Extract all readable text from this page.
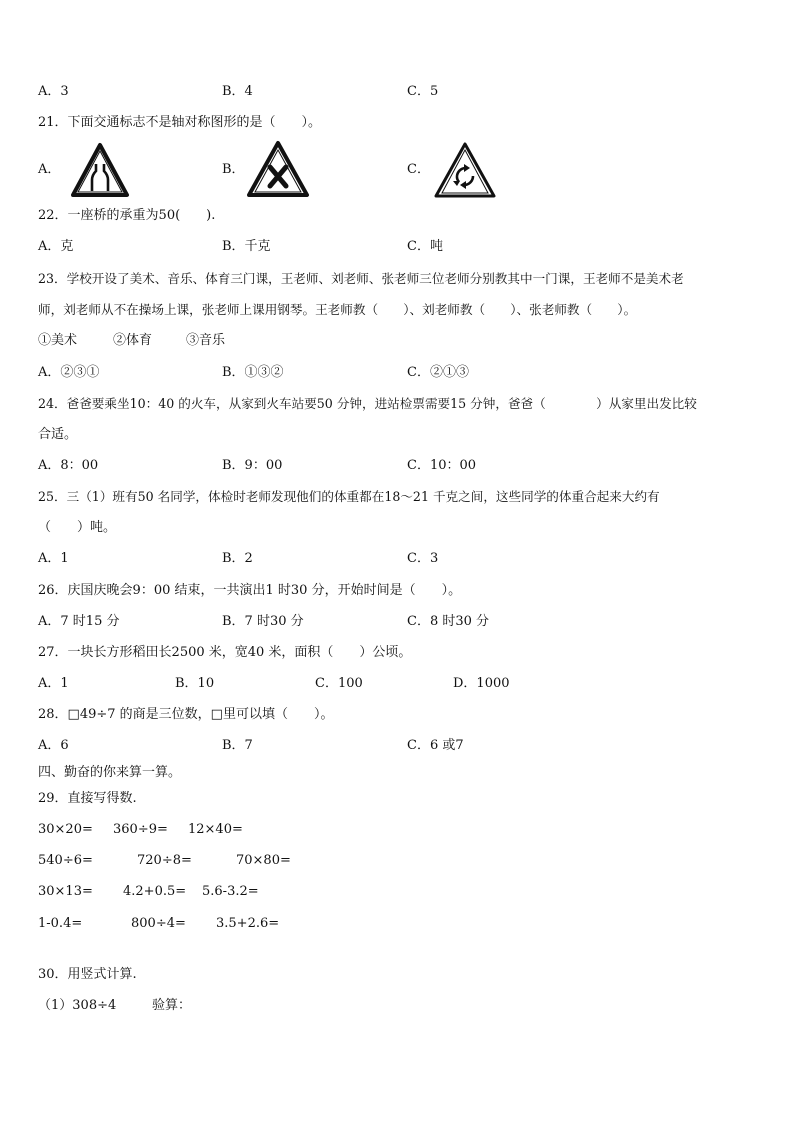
A．3	B．4	C．5
21．下面交通标志不是轴对称图形的是（　　）。
A．	B．	C．
22．一座桥的承重为50(　　).
A．克	B．千克	C．吨
23．学校开设了美术、音乐、体育三门课，王老师、刘老师、张老师三位老师分别教其中一门课，王老师不是美术老
师，刘老师从不在操场上课，张老师上课用钢琴。王老师教（　　）、刘老师教（　　）、张老师教（　　）。
①美术	②体育	③音乐
A．②③①	B．①③②	C．②①③
24．爸爸要乘坐10：40 的火车，从家到火车站要50 分钟，进站检票需要15 分钟，爸爸（　　　　）从家里出发比较
合适。
A．8：00	B．9：00	C．10：00
25．三（1）班有50 名同学，体检时老师发现他们的体重都在18～21 千克之间，这些同学的体重合起来大约有
（　　）吨。
A．1	B．2	C．3
26．庆国庆晚会9：00 结束，一共演出1 时30 分，开始时间是（　　）。
A．7 时15 分	B．7 时30 分	C．8 时30 分
27．一块长方形稻田长2500 米，宽40 米，面积（　　）公顷。
A．1	B．10	C．100	D．1000
28．□49÷7 的商是三位数，□里可以填（　　）。
A．6	B．7	C．6 或7
四、勤奋的你来算一算。
29．直接写得数.
30×20= 360÷9= 12×40=
540÷6=	720÷8=	70×80=
30×13= 4.2+0.5= 5.6-3.2=
1-0.4=	800÷4= 3.5+2.6=
30．用竖式计算.
（1）308÷4	验算：
